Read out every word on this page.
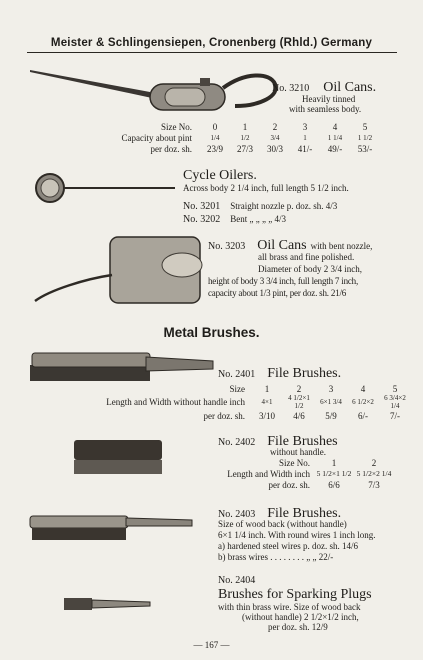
Meister & Schlingensiepen, Cronenberg (Rhld.) Germany
No. 3210 Oil Cans.
Heavily tinned
with seamless body.
Size No.	0	1	2	3	4	5
Capacity about pint	1/4	1/2	3/4	1	1 1/4	1 1/2
per doz. sh.	23/9	27/3	30/3	41/-	49/-	53/-
Cycle Oilers.
Across body 2 1/4 inch, full length 5 1/2 inch.
No. 3201 Straight nozzle p. doz. sh. 4/3
No. 3202 Bent „ „ „ „ 4/3
No. 3203 Oil Cans with bent nozzle,
all brass and fine polished.
Diameter of body 2 3/4 inch,
height of body 3 3/4 inch, full length 7 inch,
capacity about 1/3 pint, per doz. sh. 21/6
Metal Brushes.
No. 2401 File Brushes.
Size	1	2	3	4	5
Length and Width without handle inch	4×1	4 1/2×1 1/2	6×1 3/4	6 1/2×2	6 3/4×2 1/4
per doz. sh.	3/10	4/6	5/9	6/-	7/-
No. 2402 File Brushes
without handle.
Size No.	1	2
Length and Width inch	5 1/2×1 1/2	5 1/2×2 1/4
per doz. sh.	6/6	7/3
No. 2403 File Brushes.
Size of wood back (without handle)
6×1 1/4 inch. With round wires 1 inch long.
a) hardened steel wires p. doz. sh. 14/6
b) brass wires . . . . . . . . „ „ 22/-
No. 2404
Brushes for Sparking Plugs
with thin brass wire. Size of wood back
(without handle) 2 1/2×1/2 inch,
per doz. sh. 12/9
— 167 —
